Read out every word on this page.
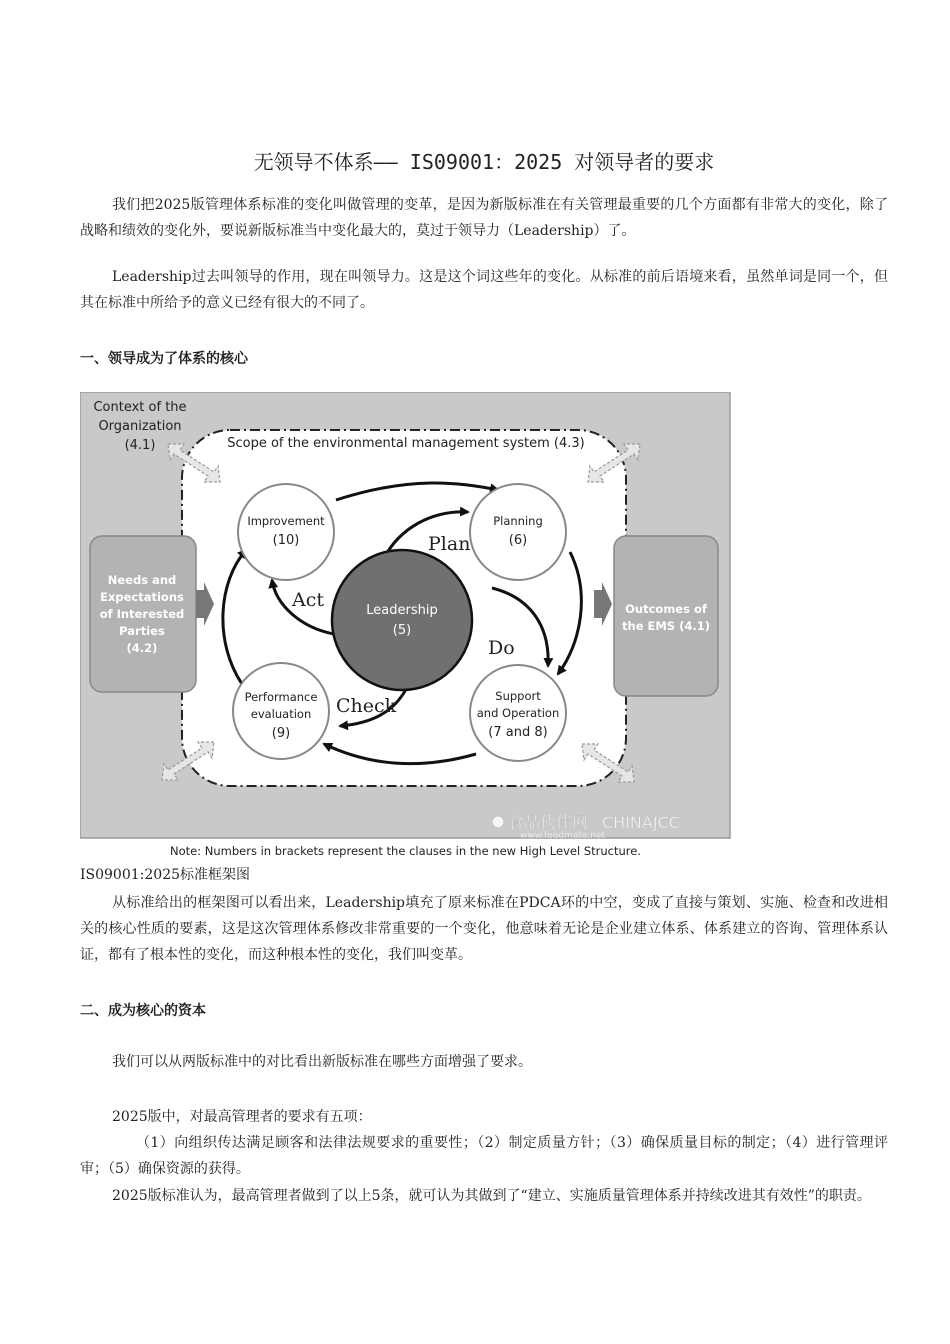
无领导不体系—— IS09001：2025 对领导者的要求
我们把2025版管理体系标准的变化叫做管理的变革，是因为新版标准在有关管理最重要的几个方面都有非常大的变化，除了战略和绩效的变化外，要说新版标准当中变化最大的，莫过于领导力（Leadership）了。
Leadership过去叫领导的作用，现在叫领导力。这是这个词这些年的变化。从标准的前后语境来看，虽然单词是同一个，但其在标准中所给予的意义已经有很大的不同了。
一、领导成为了体系的核心
Context of the
Organization
(4.1)	Scope of the environmental management system (4.3)
Needs and
Expectations
of Interested
Parties
(4.2)
Outcomes of
the EMS (4.1)
Improvement
(10)
Planning
(6)
Leadership
(5)
Performance
evaluation
(9)
Support
and Operation
(7 and 8)
Plan
Do
Check
Act
食品伙伴网 CHINAJCC
www.foodmate.net
Note: Numbers in brackets represent the clauses in the new High Level Structure.
IS09001:2025标准框架图
从标准给出的框架图可以看出来，Leadership填充了原来标准在PDCA环的中空，变成了直接与策划、实施、检查和改进相关的核心性质的要素，这是这次管理体系修改非常重要的一个变化，他意味着无论是企业建立体系、体系建立的咨询、管理体系认证，都有了根本性的变化，而这种根本性的变化，我们叫变革。
二、成为核心的资本
我们可以从两版标准中的对比看出新版标准在哪些方面增强了要求。
2025版中，对最高管理者的要求有五项：
（1）向组织传达满足顾客和法律法规要求的重要性；（2）制定质量方针；（3）确保质量目标的制定；（4）进行管理评审；（5）确保资源的获得。
2025版标准认为，最高管理者做到了以上5条，就可认为其做到了“建立、实施质量管理体系并持续改进其有效性”的职责。
